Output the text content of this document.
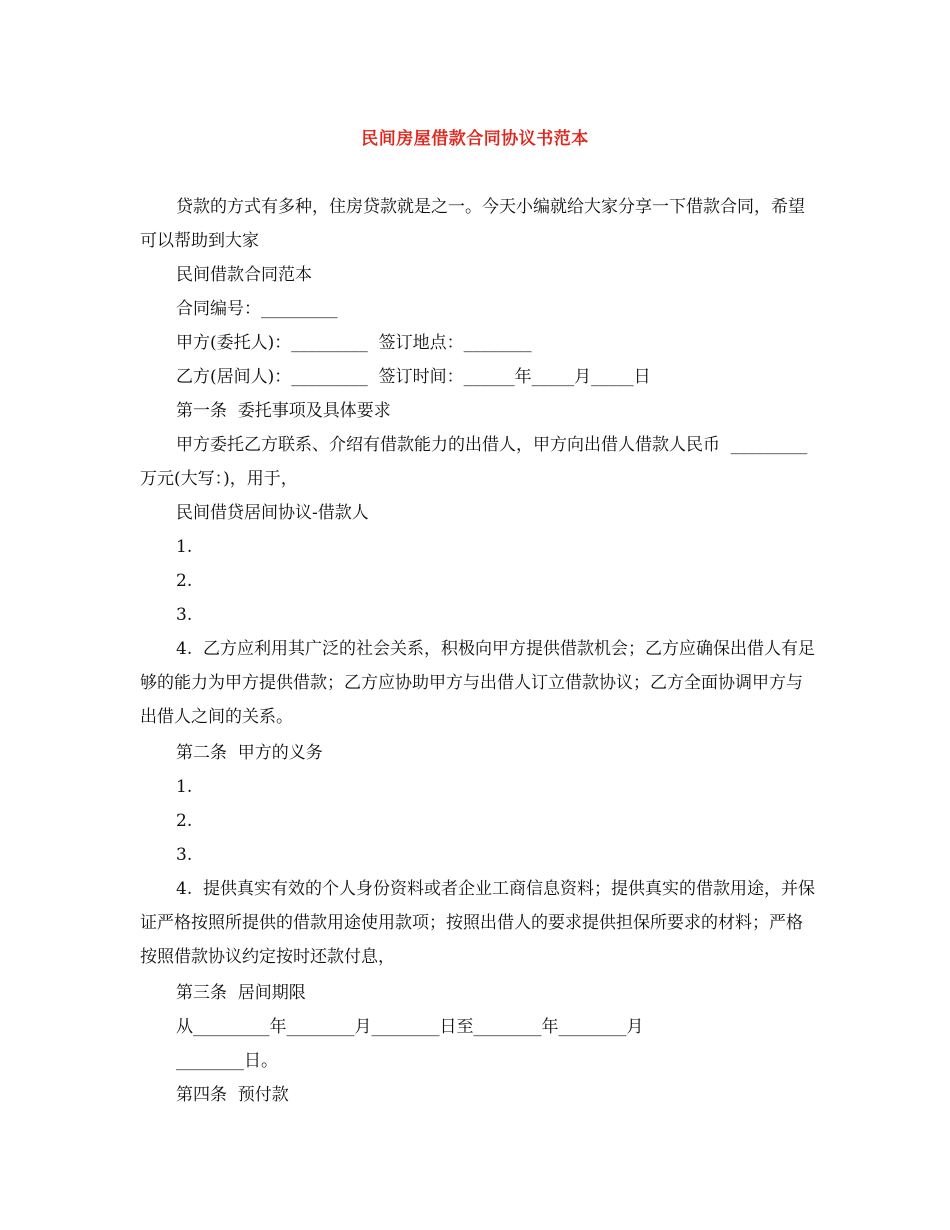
民间房屋借款合同协议书范本

贷款的方式有多种，住房贷款就是之一。今天小编就给大家分享一下借款合同，希望可以帮助到大家

民间借款合同范本

合同编号：_________

甲方(委托人)：_________  签订地点：________

乙方(居间人)：_________  签订时间：______年_____月_____日

第一条  委托事项及具体要求

甲方委托乙方联系、介绍有借款能力的出借人，甲方向出借人借款人民币  _________万元(大写：)，用于，

民间借贷居间协议-借款人

1.

2.

3.

4.  乙方应利用其广泛的社会关系，积极向甲方提供借款机会；乙方应确保出借人有足够的能力为甲方提供借款；乙方应协助甲方与出借人订立借款协议；乙方全面协调甲方与出借人之间的关系。

第二条  甲方的义务

1.

2.

3.

4.  提供真实有效的个人身份资料或者企业工商信息资料；提供真实的借款用途，并保证严格按照所提供的借款用途使用款项；按照出借人的要求提供担保所要求的材料；严格按照借款协议约定按时还款付息，

第三条  居间期限

从_________年________月________日至________年________月

________日。

第四条  预付款
